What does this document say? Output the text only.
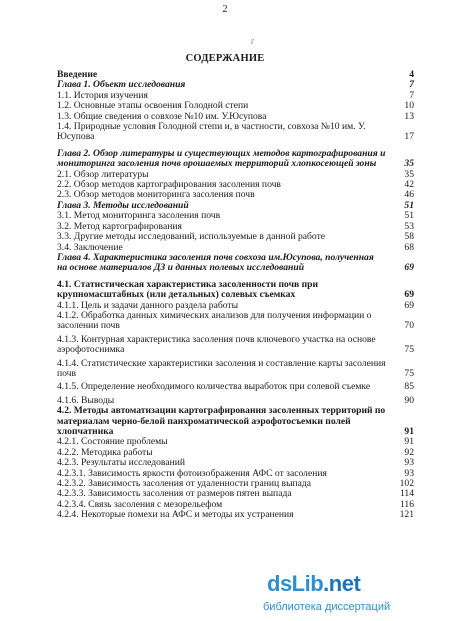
2
i'
СОДЕРЖАНИЕ
Введение	4
Глава 1. Объект исследования	7
1.1. История изучения	7
1.2. Основные этапы освоения Голодной степи	10
1.3. Общие сведения о совхозе №10 им. У.Юсупова	13
1.4. Природные условия Голодной степи и, в частности, совхоза №10 им. У. Юсупова	17
Глава 2. Обзор литературы и существующих методов картографирования и мониторинга засоления почв орошаемых территорий хлопкосеющей зоны	35
2.1. Обзор литературы	35
2.2. Обзор методов картографирования засоления почв	42
2.3. Обзор методов мониторинга засоления почв	46
Глава 3. Методы исследований	51
3.1. Метод мониторинга засоления почв	51
3.2. Метод картографирования	53
3.3. Другие методы исследований, используемые в данной работе	58
3.4. Заключение	68
Глава 4. Характеристика засоления почв совхоза им.Юсупова, полученная на основе материалов ДЗ и данных полевых исследований	69
4.1. Статистическая характеристика засоленности почв при крупномасштабных (или детальных) солевых съемках	69
4.1.1. Цель и задачи данного раздела работы	69
4.1.2. Обработка данных химических анализов для получения информации о засолении почв	70
4.1.3. Контурная характеристика засоления почв ключевого участка на основе аэрофотоснимка	75
4.1.4. Статистические характеристики засоления и составление карты засоления почв	75
4.1.5. Определение необходимого количества выработок при солевой съемке	85
4.1.6. Выводы	90
4.2. Методы автоматизации картографирования засоленных территорий по материалам черно-белой панхроматической аэрофотосъемки полей хлопчатника	91
4.2.1. Состояние проблемы	91
4.2.2. Методика работы	92
4.2.3. Результаты исследований	93
4.2.3.1. Зависимость яркости фотоизображения АФС от засоления	93
4.2.3.2. Зависимость засоления от удаленности границ выпада	102
4.2.3.3. Зависимость засоления от размеров пятен выпада	114
4.2.3.4. Связь засоления с мезорельефом	116
4.2.4. Некоторые помехи на АФС и методы их устранения	121
dsLib.net
библиотека диссертаций
